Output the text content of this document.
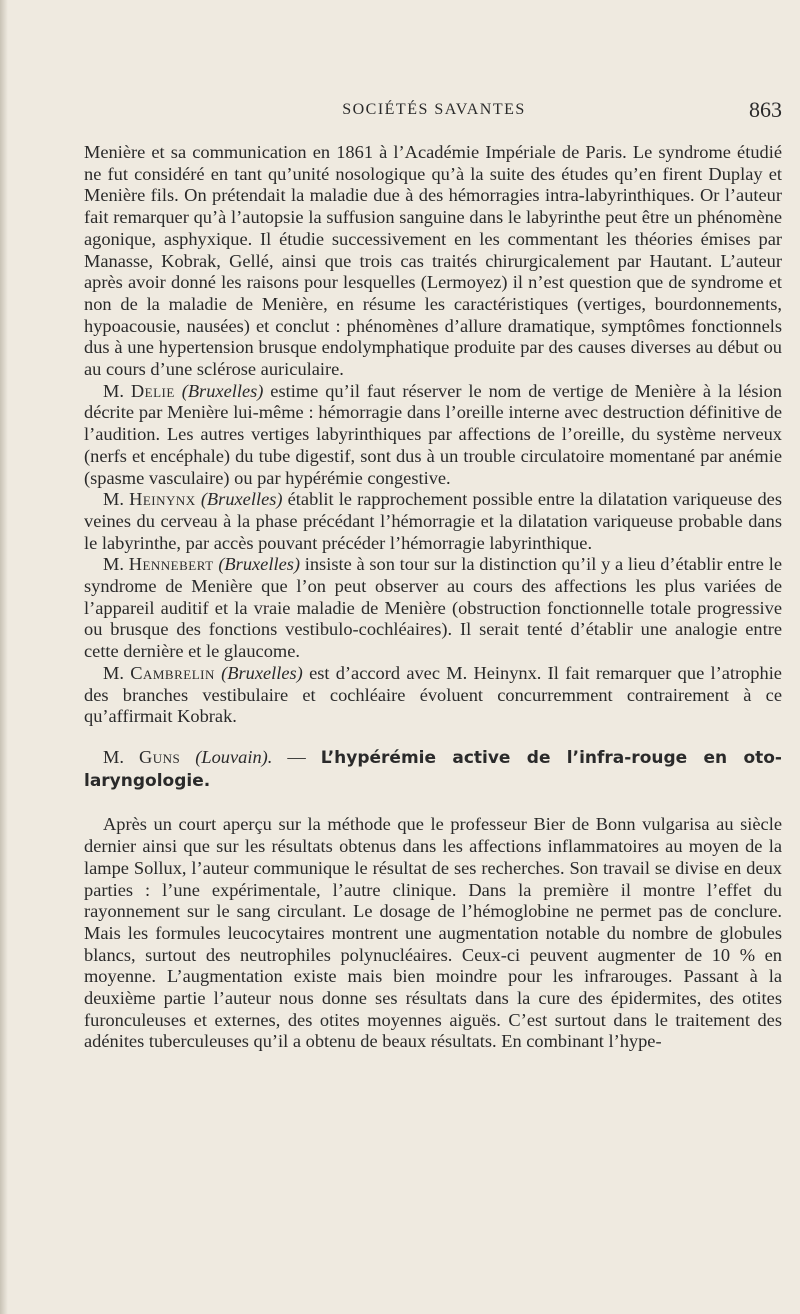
SOCIÉTÉS SAVANTES	863

Menière et sa communication en 1861 à l’Académie Impériale de Paris. Le syndrome étudié ne fut considéré en tant qu’unité nosologique qu’à la suite des études qu’en firent Duplay et Menière fils. On prétendait la maladie due à des hémorragies intra-labyrinthiques. Or l’auteur fait remarquer qu’à l’autopsie la suffusion sanguine dans le labyrinthe peut être un phénomène agonique, asphyxique. Il étudie successivement en les commentant les théories émises par Manasse, Kobrak, Gellé, ainsi que trois cas traités chirurgicalement par Hautant. L’auteur après avoir donné les raisons pour lesquelles (Lermoyez) il n’est question que de syndrome et non de la maladie de Menière, en résume les caractéristiques (vertiges, bourdonnements, hypoacousie, nausées) et conclut : phénomènes d’allure dramatique, symptômes fonctionnels dus à une hypertension brusque endolymphatique produite par des causes diverses au début ou au cours d’une sclérose auriculaire.

M. Delie (Bruxelles) estime qu’il faut réserver le nom de vertige de Menière à la lésion décrite par Menière lui-même : hémorragie dans l’oreille interne avec destruction définitive de l’audition. Les autres vertiges labyrinthiques par affections de l’oreille, du système nerveux (nerfs et encéphale) du tube digestif, sont dus à un trouble circulatoire momentané par anémie (spasme vasculaire) ou par hypérémie congestive.

M. Heinynx (Bruxelles) établit le rapprochement possible entre la dilatation variqueuse des veines du cerveau à la phase précédant l’hémorragie et la dilatation variqueuse probable dans le labyrinthe, par accès pouvant précéder l’hémorragie labyrinthique.

M. Hennebert (Bruxelles) insiste à son tour sur la distinction qu’il y a lieu d’établir entre le syndrome de Menière que l’on peut observer au cours des affections les plus variées de l’appareil auditif et la vraie maladie de Menière (obstruction fonctionnelle totale progressive ou brusque des fonctions vestibulo-cochléaires). Il serait tenté d’établir une analogie entre cette dernière et le glaucome.

M. Cambrelin (Bruxelles) est d’accord avec M. Heinynx. Il fait remarquer que l’atrophie des branches vestibulaire et cochléaire évoluent concurremment contrairement à ce qu’affirmait Kobrak.

M. Guns (Louvain). — L’hypérémie active de l’infra-rouge en oto-laryngologie.

Après un court aperçu sur la méthode que le professeur Bier de Bonn vulgarisa au siècle dernier ainsi que sur les résultats obtenus dans les affections inflammatoires au moyen de la lampe Sollux, l’auteur communique le résultat de ses recherches. Son travail se divise en deux parties : l’une expérimentale, l’autre clinique. Dans la première il montre l’effet du rayonnement sur le sang circulant. Le dosage de l’hémoglobine ne permet pas de conclure. Mais les formules leucocytaires montrent une augmentation notable du nombre de globules blancs, surtout des neutrophiles polynucléaires. Ceux-ci peuvent augmenter de 10 % en moyenne. L’augmentation existe mais bien moindre pour les infrarouges. Passant à la deuxième partie l’auteur nous donne ses résultats dans la cure des épidermites, des otites furonculeuses et externes, des otites moyennes aiguës. C’est surtout dans le traitement des adénites tuberculeuses qu’il a obtenu de beaux résultats. En combinant l’hype-
